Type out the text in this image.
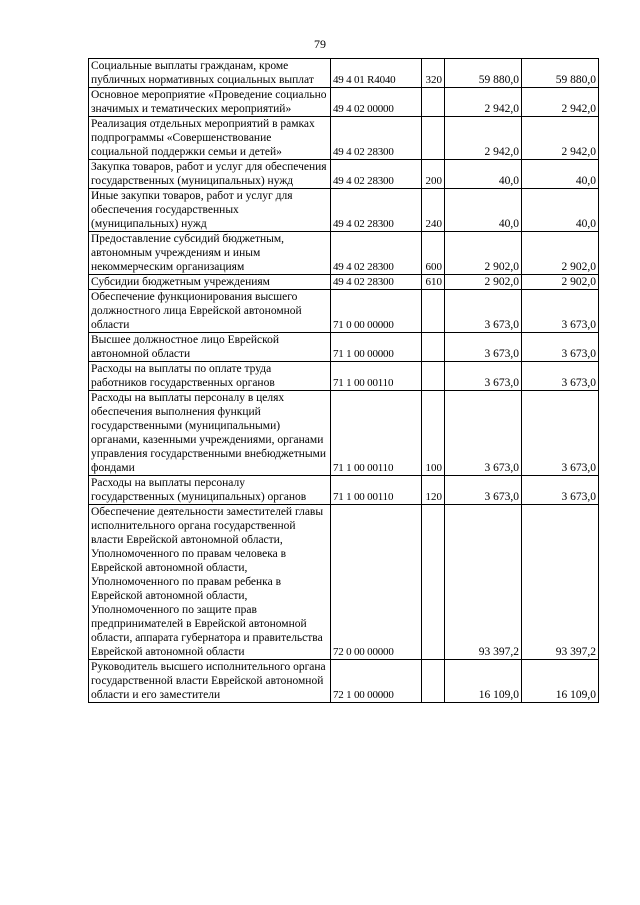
79
Социальные выплаты гражданам, кроме публичных нормативных социальных выплат	49 4 01 R4040	320	59 880,0	59 880,0
Основное мероприятие «Проведение социально значимых и тематических мероприятий»	49 4 02 00000		2 942,0	2 942,0
Реализация отдельных мероприятий в рамках подпрограммы «Совершенствование социальной поддержки семьи и детей»	49 4 02 28300		2 942,0	2 942,0
Закупка товаров, работ и услуг для обеспечения государственных (муниципальных) нужд	49 4 02 28300	200	40,0	40,0
Иные закупки товаров, работ и услуг для обеспечения государственных (муниципальных) нужд	49 4 02 28300	240	40,0	40,0
Предоставление субсидий бюджетным, автономным учреждениям и иным некоммерческим организациям	49 4 02 28300	600	2 902,0	2 902,0
Субсидии бюджетным учреждениям	49 4 02 28300	610	2 902,0	2 902,0
Обеспечение функционирования высшего должностного лица Еврейской автономной области	71 0 00 00000		3 673,0	3 673,0
Высшее должностное лицо Еврейской автономной области	71 1 00 00000		3 673,0	3 673,0
Расходы на выплаты по оплате труда работников государственных органов	71 1 00 00110		3 673,0	3 673,0
Расходы на выплаты персоналу в целях обеспечения выполнения функций государственными (муниципальными) органами, казенными учреждениями, органами управления государственными внебюджетными фондами	71 1 00 00110	100	3 673,0	3 673,0
Расходы на выплаты персоналу государственных (муниципальных) органов	71 1 00 00110	120	3 673,0	3 673,0
Обеспечение деятельности заместителей главы исполнительного органа государственной власти Еврейской автономной области, Уполномоченного по правам человека в Еврейской автономной области, Уполномоченного по правам ребенка в Еврейской автономной области, Уполномоченного по защите прав предпринимателей в Еврейской автономной области, аппарата губернатора и правительства Еврейской автономной области	72 0 00 00000		93 397,2	93 397,2
Руководитель высшего исполнительного органа государственной власти Еврейской автономной области и его заместители	72 1 00 00000		16 109,0	16 109,0
